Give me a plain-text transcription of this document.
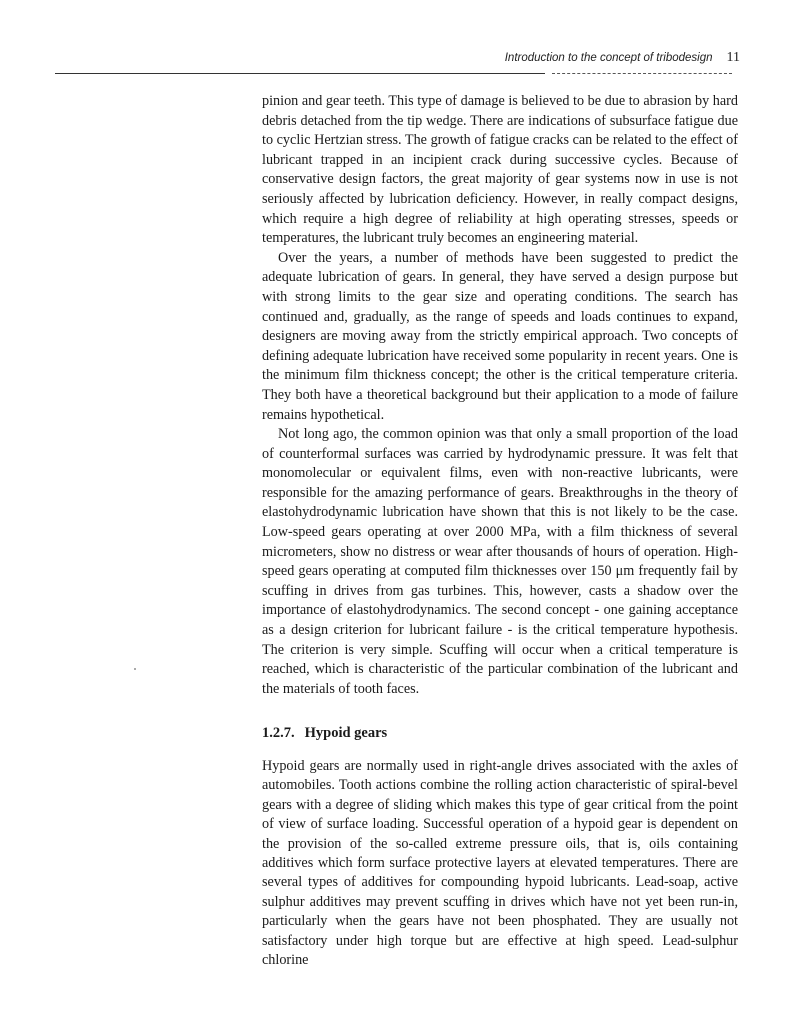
Introduction to the concept of tribodesign 11

pinion and gear teeth. This type of damage is believed to be due to abrasion by hard debris detached from the tip wedge. There are indications of subsurface fatigue due to cyclic Hertzian stress. The growth of fatigue cracks can be related to the effect of lubricant trapped in an incipient crack during successive cycles. Because of conservative design factors, the great majority of gear systems now in use is not seriously affected by lubrication deficiency. However, in really compact designs, which require a high degree of reliability at high operating stresses, speeds or temperatures, the lubricant truly becomes an engineering material.

Over the years, a number of methods have been suggested to predict the adequate lubrication of gears. In general, they have served a design purpose but with strong limits to the gear size and operating conditions. The search has continued and, gradually, as the range of speeds and loads continues to expand, designers are moving away from the strictly empirical approach. Two concepts of defining adequate lubrication have received some popularity in recent years. One is the minimum film thickness concept; the other is the critical temperature criteria. They both have a theoretical background but their application to a mode of failure remains hypothetical.

Not long ago, the common opinion was that only a small proportion of the load of counterformal surfaces was carried by hydrodynamic pressure. It was felt that monomolecular or equivalent films, even with non-reactive lubricants, were responsible for the amazing performance of gears. Breakthroughs in the theory of elastohydrodynamic lubrication have shown that this is not likely to be the case. Low-speed gears operating at over 2000 MPa, with a film thickness of several micrometers, show no distress or wear after thousands of hours of operation. High-speed gears operating at computed film thicknesses over 150 μm frequently fail by scuffing in drives from gas turbines. This, however, casts a shadow over the importance of elastohydrodynamics. The second concept - one gaining acceptance as a design criterion for lubricant failure - is the critical temperature hypothesis. The criterion is very simple. Scuffing will occur when a critical temperature is reached, which is characteristic of the particular combination of the lubricant and the materials of tooth faces.

1.2.7. Hypoid gears

Hypoid gears are normally used in right-angle drives associated with the axles of automobiles. Tooth actions combine the rolling action characteristic of spiral-bevel gears with a degree of sliding which makes this type of gear critical from the point of view of surface loading. Successful operation of a hypoid gear is dependent on the provision of the so-called extreme pressure oils, that is, oils containing additives which form surface protective layers at elevated temperatures. There are several types of additives for compounding hypoid lubricants. Lead-soap, active sulphur additives may prevent scuffing in drives which have not yet been run-in, particularly when the gears have not been phosphated. They are usually not satisfactory under high torque but are effective at high speed. Lead-sulphur chlorine
